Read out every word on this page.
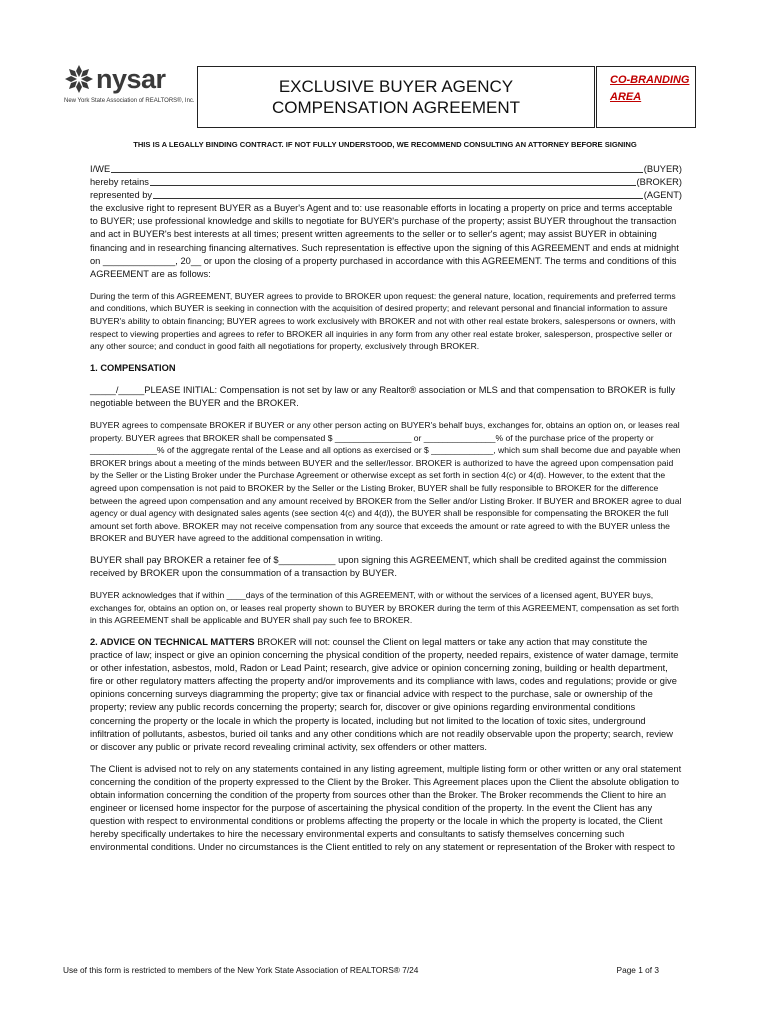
nysar
New York State Association of REALTORS®, Inc.
EXCLUSIVE BUYER AGENCY
COMPENSATION AGREEMENT
CO-BRANDING
AREA
THIS IS A LEGALLY BINDING CONTRACT. IF NOT FULLY UNDERSTOOD, WE RECOMMEND CONSULTING AN ATTORNEY BEFORE SIGNING
I/WE	(BUYER)
hereby retains	(BROKER)
represented by	(AGENT)

the exclusive right to represent BUYER as a Buyer's Agent and to: use reasonable efforts in locating a property on price and terms acceptable to BUYER; use professional knowledge and skills to negotiate for BUYER's purchase of the property; assist BUYER throughout the transaction and act in BUYER's best interests at all times; present written agreements to the seller or to seller's agent; may assist BUYER in obtaining financing and in researching financing alternatives. Such representation is effective upon the signing of this AGREEMENT and ends at midnight on ______________, 20__ or upon the closing of a property purchased in accordance with this AGREEMENT. The terms and conditions of this AGREEMENT are as follows:

During the term of this AGREEMENT, BUYER agrees to provide to BROKER upon request: the general nature, location, requirements and preferred terms and conditions, which BUYER is seeking in connection with the acquisition of desired property; and relevant personal and financial information to assure BUYER's ability to obtain financing; BUYER agrees to work exclusively with BROKER and not with other real estate brokers, salespersons or owners, with respect to viewing properties and agrees to refer to BROKER all inquiries in any form from any other real estate broker, salesperson, prospective seller or any other source; and conduct in good faith all negotiations for property, exclusively through BROKER.

1. COMPENSATION

_____/_____PLEASE INITIAL: Compensation is not set by law or any Realtor® association or MLS and that compensation to BROKER is fully negotiable between the BUYER and the BROKER.

BUYER agrees to compensate BROKER if BUYER or any other person acting on BUYER's behalf buys, exchanges for, obtains an option on, or leases real property. BUYER agrees that BROKER shall be compensated $ ________________ or _______________% of the purchase price of the property or ______________% of the aggregate rental of the Lease and all options as exercised or $ _____________, which sum shall become due and payable when BROKER brings about a meeting of the minds between BUYER and the seller/lessor. BROKER is authorized to have the agreed upon compensation paid by the Seller or the Listing Broker under the Purchase Agreement or otherwise except as set forth in section 4(c) or 4(d). However, to the extent that the agreed upon compensation is not paid to BROKER by the Seller or the Listing Broker, BUYER shall be fully responsible to BROKER for the difference between the agreed upon compensation and any amount received by BROKER from the Seller and/or Listing Broker. If BUYER and BROKER agree to dual agency or dual agency with designated sales agents (see section 4(c) and 4(d)), the BUYER shall be responsible for compensating the BROKER the full amount set forth above. BROKER may not receive compensation from any source that exceeds the amount or rate agreed to with the BUYER unless the BROKER and BUYER have agreed to the additional compensation in writing.

BUYER shall pay BROKER a retainer fee of $___________ upon signing this AGREEMENT, which shall be credited against the commission received by BROKER upon the consummation of a transaction by BUYER.

BUYER acknowledges that if within ____days of the termination of this AGREEMENT, with or without the services of a licensed agent, BUYER buys, exchanges for, obtains an option on, or leases real property shown to BUYER by BROKER during the term of this AGREEMENT, compensation as set forth in this AGREEMENT shall be applicable and BUYER shall pay such fee to BROKER.

2. ADVICE ON TECHNICAL MATTERS BROKER will not: counsel the Client on legal matters or take any action that may constitute the practice of law; inspect or give an opinion concerning the physical condition of the property, needed repairs, existence of water damage, termite or other infestation, asbestos, mold, Radon or Lead Paint; research, give advice or opinion concerning zoning, building or health department, fire or other regulatory matters affecting the property and/or improvements and its compliance with laws, codes and regulations; provide or give opinions concerning surveys diagramming the property; give tax or financial advice with respect to the purchase, sale or ownership of the property; review any public records concerning the property; search for, discover or give opinions regarding environmental conditions concerning the property or the locale in which the property is located, including but not limited to the location of toxic sites, underground infiltration of pollutants, asbestos, buried oil tanks and any other conditions which are not readily observable upon the property; search, review or discover any public or private record revealing criminal activity, sex offenders or other matters.

The Client is advised not to rely on any statements contained in any listing agreement, multiple listing form or other written or any oral statement concerning the condition of the property expressed to the Client by the Broker. This Agreement places upon the Client the absolute obligation to obtain information concerning the condition of the property from sources other than the Broker. The Broker recommends the Client to hire an engineer or licensed home inspector for the purpose of ascertaining the physical condition of the property. In the event the Client has any question with respect to environmental conditions or problems affecting the property or the locale in which the property is located, the Client hereby specifically undertakes to hire the necessary environmental experts and consultants to satisfy themselves concerning such environmental conditions. Under no circumstances is the Client entitled to rely on any statement or representation of the Broker with respect to

Use of this form is restricted to members of the New York State Association of REALTORS® 7/24	Page 1 of 3
